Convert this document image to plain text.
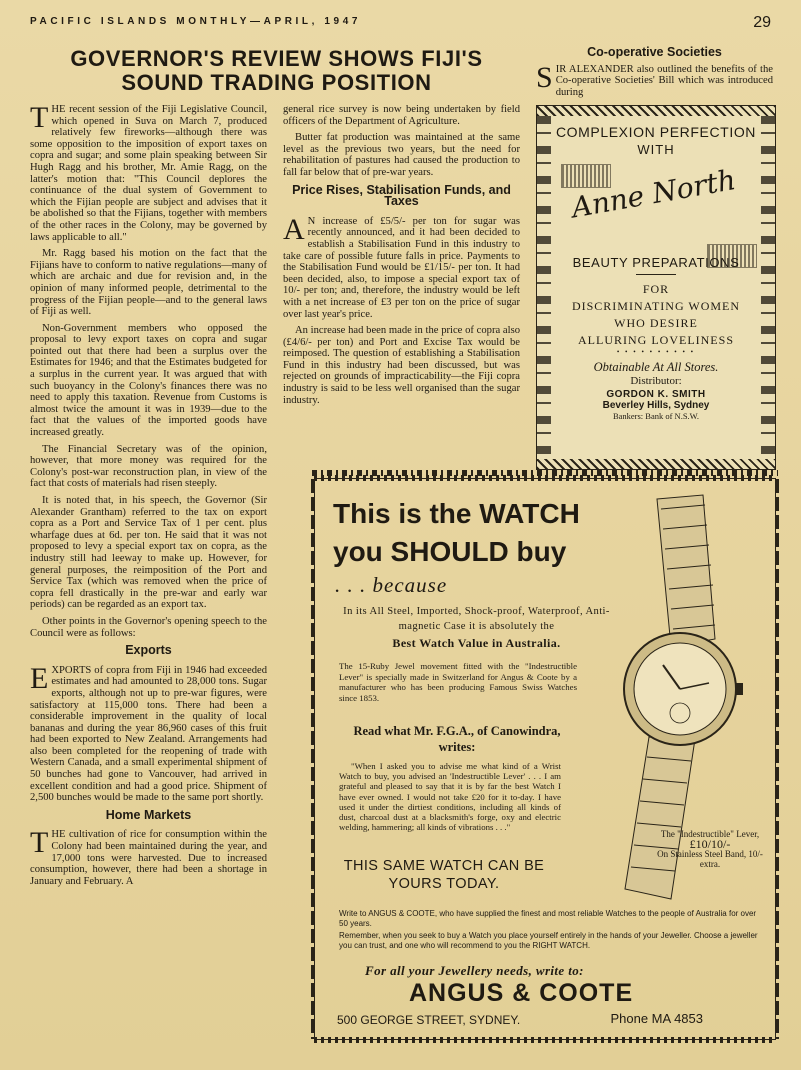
PACIFIC ISLANDS MONTHLY—APRIL, 1947	29
GOVERNOR'S REVIEW SHOWS FIJI'S SOUND TRADING POSITION

THE recent session of the Fiji Legislative Council, which opened in Suva on March 7, produced relatively few fireworks—although there was some opposition to the imposition of export taxes on copra and sugar; and some plain speaking between Sir Hugh Ragg and his brother, Mr. Amie Ragg, on the latter's motion that: "This Council deplores the continuance of the dual system of Government to which the Fijian people are subject and advises that it be abolished so that the Fijians, together with members of the other races in the Colony, may be governed by laws applicable to all."

Mr. Ragg based his motion on the fact that the Fijians have to conform to native regulations—many of which are archaic and due for revision and, in the opinion of many informed people, detrimental to the progress of the Fijian people—and to the general laws of Fiji as well.

Non-Government members who opposed the proposal to levy export taxes on copra and sugar pointed out that there had been a surplus over the Estimates for 1946; and that the Estimates budgeted for a surplus in the current year. It was argued that with such buoyancy in the Colony's finances there was no need to apply this taxation. Revenue from Customs is almost twice the amount it was in 1939—due to the fact that the values of the imported goods have increased greatly.

The Financial Secretary was of the opinion, however, that more money was required for the Colony's post-war reconstruction plan, in view of the fact that costs of materials had risen steeply.

It is noted that, in his speech, the Governor (Sir Alexander Grantham) referred to the tax on export copra as a Port and Service Tax of 1 per cent. plus wharfage dues at 6d. per ton. He said that it was not proposed to levy a special export tax on copra, as the industry still had leeway to make up. However, for general purposes, the reimposition of the Port and Service Tax (which was removed when the price of copra fell drastically in the pre-war and early war periods) can be regarded as an export tax.

Other points in the Governor's opening speech to the Council were as follows:

Exports

EXPORTS of copra from Fiji in 1946 had exceeded estimates and had amounted to 28,000 tons. Sugar exports, although not up to pre-war figures, were satisfactory at 115,000 tons. There had been a considerable improvement in the quality of local bananas and during the year 86,960 cases of this fruit had been exported to New Zealand. Arrangements had also been completed for the reopening of trade with Western Canada, and a small experimental shipment of 50 bunches had gone to Vancouver, had arrived in excellent condition and had a good price. Shipment of 2,500 bunches would be made to the same port shortly.

Home Markets

THE cultivation of rice for consumption within the Colony had been maintained during the year, and 17,000 tons were harvested. Due to increased consumption, however, there had been a shortage in January and February. A

general rice survey is now being undertaken by field officers of the Department of Agriculture.

Butter fat production was maintained at the same level as the previous two years, but the need for rehabilitation of pastures had caused the production to fall far below that of pre-war years.

Price Rises, Stabilisation Funds, and Taxes

A N increase of £5/5/- per ton for sugar was recently announced, and it had been decided to establish a Stabilisation Fund in this industry to take care of possible future falls in price. Payments to the Stabilisation Fund would be £1/15/- per ton. It had been decided, also, to impose a special export tax of 10/- per ton; and, therefore, the industry would be left with a net increase of £3 per ton on the price of sugar over last year's price.

An increase had been made in the price of copra also (£4/6/- per ton) and Port and Excise Tax would be reimposed. The question of establishing a Stabilisation Fund in this industry had been discussed, but was rejected on grounds of impracticability—the Fiji copra industry is said to be less well organised than the sugar industry.

Co-operative Societies

SIR ALEXANDER also outlined the benefits of the Co-operative Societies' Bill which was introduced during

COMPLEXION PERFECTION
WITH
Anne North
BEAUTY PREPARATIONS
FOR
DISCRIMINATING WOMEN
WHO DESIRE
ALLURING LOVELINESS
• • • • • • • • • •
Obtainable At All Stores.
Distributor:
GORDON K. SMITH
Beverley Hills, Sydney
Bankers: Bank of N.S.W.
This is the WATCH
you SHOULD buy
. . . because
In its All Steel, Imported, Shock-proof, Waterproof, Anti-magnetic Case it is absolutely the
Best Watch Value in Australia.
The 15-Ruby Jewel movement fitted with the "Indestructible Lever" is specially made in Switzerland for Angus & Coote by a manufacturer who has been producing Famous Swiss Watches since 1853.
Read what Mr. F.G.A., of Canowindra, writes:
"When I asked you to advise me what kind of a Wrist Watch to buy, you advised an 'Indestructible Lever' . . . I am grateful and pleased to say that it is by far the best Watch I have ever owned. I would not take £20 for it to-day. I have used it under the dirtiest conditions, including all kinds of dust, charcoal dust at a blacksmith's forge, oxy and electric welding, hammering; all kinds of vibrations . . ."
THIS SAME WATCH CAN BE YOURS TODAY.
The "Indestructible" Lever,
£10/10/-
On Stainless Steel Band, 10/- extra.
Write to ANGUS & COOTE, who have supplied the finest and most reliable Watches to the people of Australia for over 50 years.
Remember, when you seek to buy a Watch you place yourself entirely in the hands of your Jeweller. Choose a jeweller you can trust, and one who will recommend to you the RIGHT WATCH.
For all your Jewellery needs, write to:
ANGUS & COOTE
500 GEORGE STREET, SYDNEY.	Phone MA 4853
